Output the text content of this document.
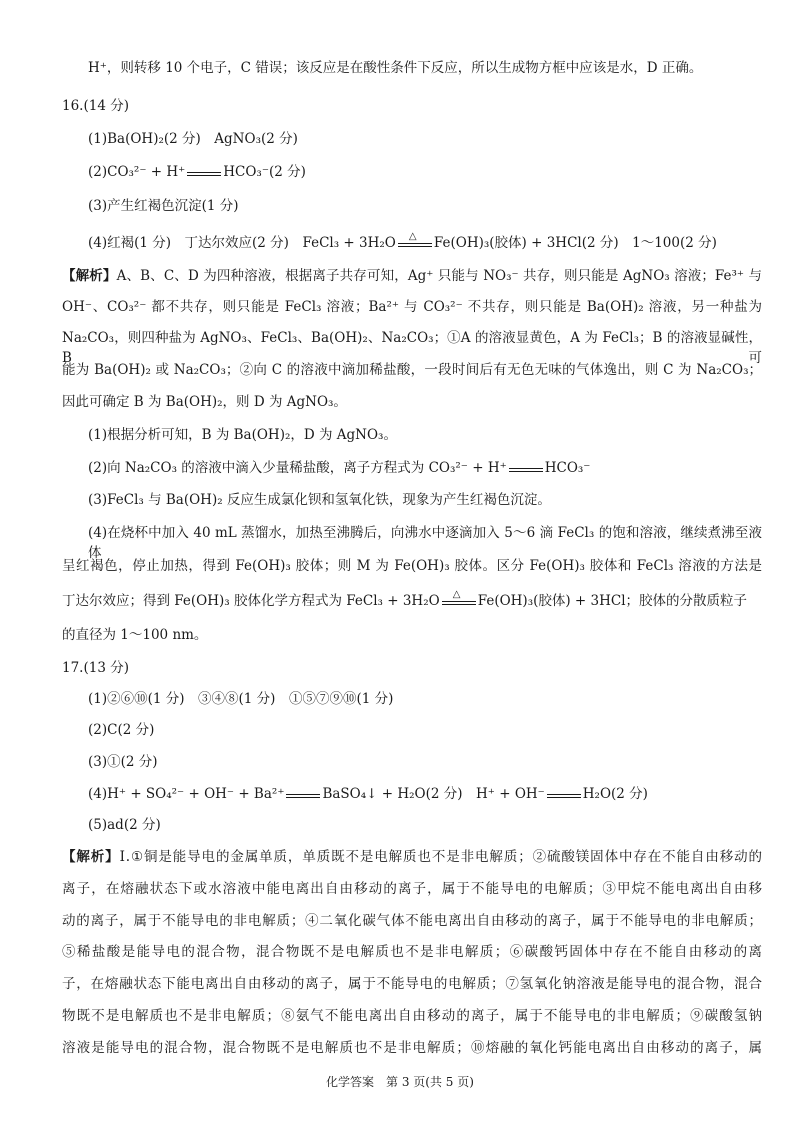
H⁺，则转移 10 个电子，C 错误；该反应是在酸性条件下反应，所以生成物方框中应该是水，D 正确。
16.(14 分)
(1)Ba(OH)₂(2 分)　AgNO₃(2 分)
(2)CO₃²⁻ + H⁺	HCO₃⁻(2 分)
(3)产生红褐色沉淀(1 分)
(4)红褐(1 分)　丁达尔效应(2 分)　FeCl₃ + 3H₂O △ Fe(OH)₃(胶体) + 3HCl(2 分)　1～100(2 分)
【解析】A、B、C、D 为四种溶液，根据离子共存可知，Ag⁺ 只能与 NO₃⁻ 共存，则只能是 AgNO₃ 溶液；Fe³⁺ 与
OH⁻、CO₃²⁻ 都不共存，则只能是 FeCl₃ 溶液；Ba²⁺ 与 CO₃²⁻ 不共存，则只能是 Ba(OH)₂ 溶液，另一种盐为
Na₂CO₃，则四种盐为 AgNO₃、FeCl₃、Ba(OH)₂、Na₂CO₃；①A 的溶液显黄色，A 为 FeCl₃；B 的溶液显碱性，B 可
能为 Ba(OH)₂ 或 Na₂CO₃；②向 C 的溶液中滴加稀盐酸，一段时间后有无色无味的气体逸出，则 C 为 Na₂CO₃；
因此可确定 B 为 Ba(OH)₂，则 D 为 AgNO₃。
(1)根据分析可知，B 为 Ba(OH)₂，D 为 AgNO₃。
(2)向 Na₂CO₃ 的溶液中滴入少量稀盐酸，离子方程式为 CO₃²⁻ + H⁺	HCO₃⁻
(3)FeCl₃ 与 Ba(OH)₂ 反应生成氯化钡和氢氧化铁，现象为产生红褐色沉淀。
(4)在烧杯中加入 40 mL 蒸馏水，加热至沸腾后，向沸水中逐滴加入 5～6 滴 FeCl₃ 的饱和溶液，继续煮沸至液体
呈红褐色，停止加热，得到 Fe(OH)₃ 胶体；则 M 为 Fe(OH)₃ 胶体。区分 Fe(OH)₃ 胶体和 FeCl₃ 溶液的方法是
丁达尔效应；得到 Fe(OH)₃ 胶体化学方程式为 FeCl₃ + 3H₂O △ Fe(OH)₃(胶体) + 3HCl；胶体的分散质粒子
的直径为 1～100 nm。
17.(13 分)
(1)②⑥⑩(1 分)　③④⑧(1 分)　①⑤⑦⑨⑩(1 分)
(2)C(2 分)
(3)①(2 分)
(4)H⁺ + SO₄²⁻ + OH⁻ + Ba²⁺	BaSO₄↓ + H₂O(2 分)　H⁺ + OH⁻	H₂O(2 分)
(5)ad(2 分)
【解析】Ⅰ.①铜是能导电的金属单质，单质既不是电解质也不是非电解质；②硫酸镁固体中存在不能自由移动的
离子，在熔融状态下或水溶液中能电离出自由移动的离子，属于不能导电的电解质；③甲烷不能电离出自由移
动的离子，属于不能导电的非电解质；④二氧化碳气体不能电离出自由移动的离子，属于不能导电的非电解质；
⑤稀盐酸是能导电的混合物，混合物既不是电解质也不是非电解质；⑥碳酸钙固体中存在不能自由移动的离
子，在熔融状态下能电离出自由移动的离子，属于不能导电的电解质；⑦氢氧化钠溶液是能导电的混合物，混合
物既不是电解质也不是非电解质；⑧氨气不能电离出自由移动的离子，属于不能导电的非电解质；⑨碳酸氢钠
溶液是能导电的混合物，混合物既不是电解质也不是非电解质；⑩熔融的氧化钙能电离出自由移动的离子，属
化学答案　第 3 页(共 5 页)
